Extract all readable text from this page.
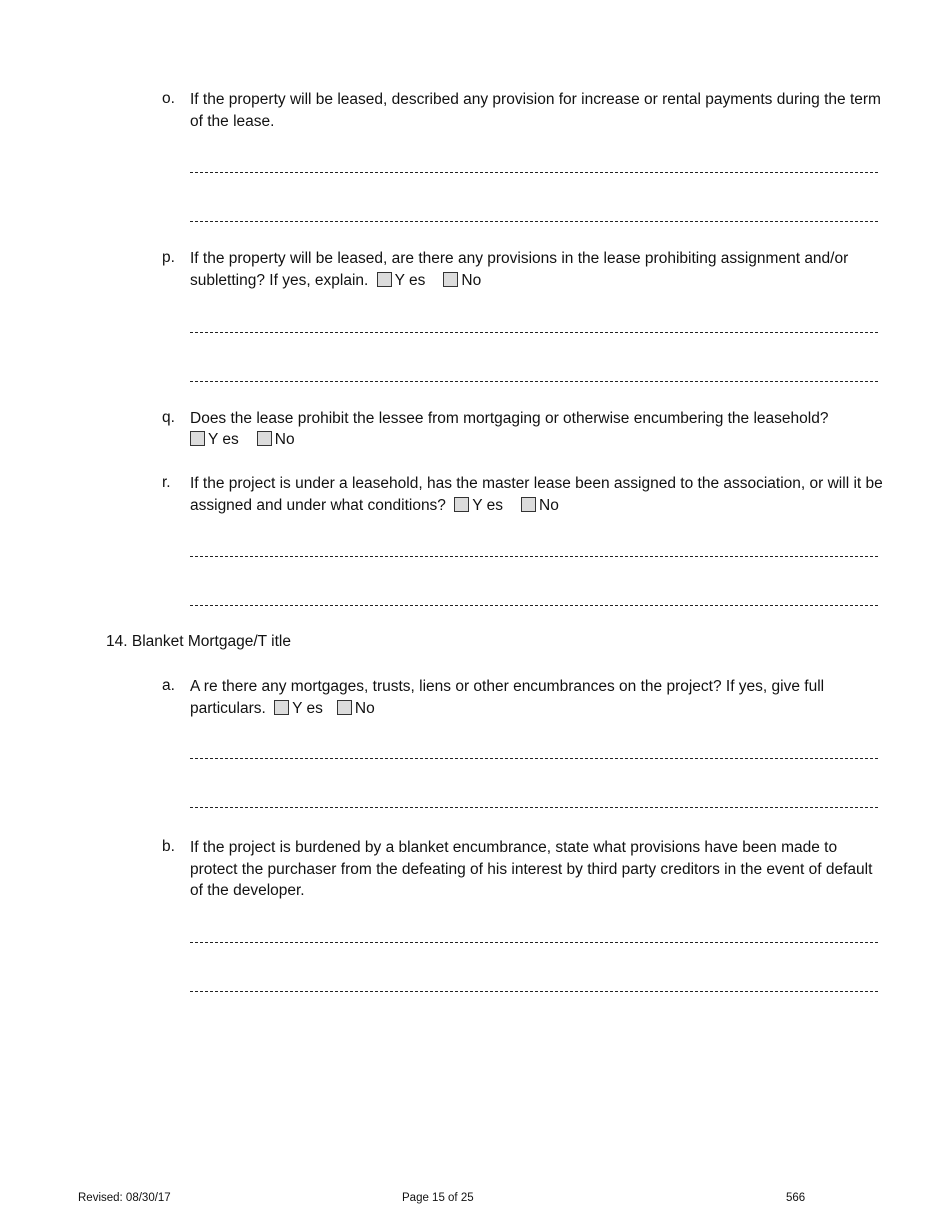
o. If the property will be leased, described any provision for increase or rental payments during the term of the lease.
p. If the property will be leased, are there any provisions in the lease prohibiting assignment and/or subletting? If yes, explain. Y es No
q. Does the lease prohibit the lessee from mortgaging or otherwise encumbering the leasehold?
Y es No
r. If the project is under a leasehold, has the master lease been assigned to the association, or will it be assigned and under what conditions? Y es No
14. Blanket Mortgage/T itle
a. A re there any mortgages, trusts, liens or other encumbrances on the project? If yes, give full particulars. Y es No
b. If the project is burdened by a blanket encumbrance, state what provisions have been made to protect the purchaser from the defeating of his interest by third party creditors in the event of default of the developer.
Revised: 08/30/17	Page 15 of 25	566
